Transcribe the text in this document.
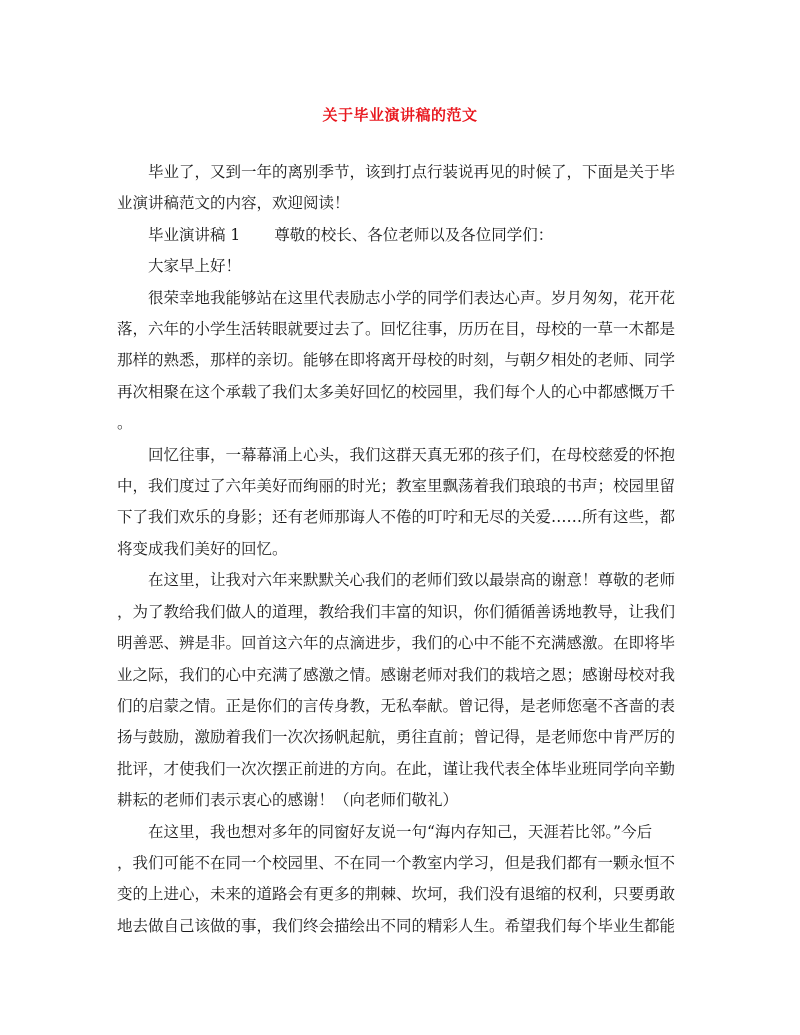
关于毕业演讲稿的范文

毕业了，又到一年的离别季节，该到打点行装说再见的时候了，下面是关于毕
业演讲稿范文的内容，欢迎阅读！

毕业演讲稿 1 尊敬的校长、各位老师以及各位同学们：

大家早上好！

很荣幸地我能够站在这里代表励志小学的同学们表达心声。岁月匆匆，花开花
落，六年的小学生活转眼就要过去了。回忆往事，历历在目，母校的一草一木都是
那样的熟悉，那样的亲切。能够在即将离开母校的时刻，与朝夕相处的老师、同学
再次相聚在这个承载了我们太多美好回忆的校园里，我们每个人的心中都感慨万千
。

回忆往事，一幕幕涌上心头，我们这群天真无邪的孩子们，在母校慈爱的怀抱
中，我们度过了六年美好而绚丽的时光；教室里飘荡着我们琅琅的书声；校园里留
下了我们欢乐的身影；还有老师那诲人不倦的叮咛和无尽的关爱……所有这些，都
将变成我们美好的回忆。

在这里，让我对六年来默默关心我们的老师们致以最崇高的谢意！尊敬的老师
，为了教给我们做人的道理，教给我们丰富的知识，你们循循善诱地教导，让我们
明善恶、辨是非。回首这六年的点滴进步，我们的心中不能不充满感激。在即将毕
业之际，我们的心中充满了感激之情。感谢老师对我们的栽培之恩；感谢母校对我
们的启蒙之情。正是你们的言传身教，无私奉献。曾记得，是老师您毫不吝啬的表
扬与鼓励，激励着我们一次次扬帆起航，勇往直前；曾记得，是老师您中肯严厉的
批评，才使我们一次次摆正前进的方向。在此，谨让我代表全体毕业班同学向辛勤
耕耘的老师们表示衷心的感谢！（向老师们敬礼）

在这里，我也想对多年的同窗好友说一句“海内存知己，天涯若比邻。”今后
，我们可能不在同一个校园里、不在同一个教室内学习，但是我们都有一颗永恒不
变的上进心，未来的道路会有更多的荆棘、坎坷，我们没有退缩的权利，只要勇敢
地去做自己该做的事，我们终会描绘出不同的精彩人生。希望我们每个毕业生都能
